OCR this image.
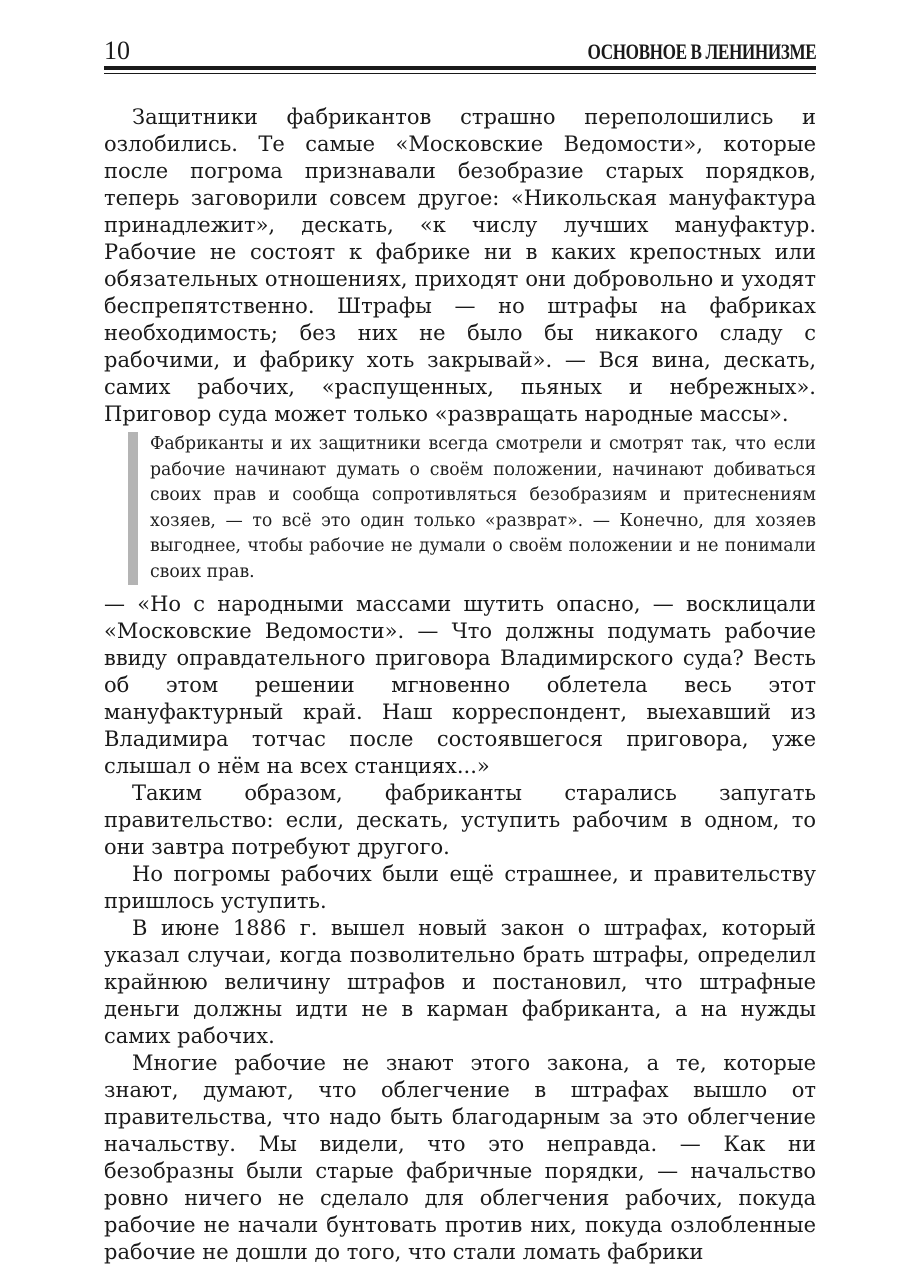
10	ОСНОВНОЕ В ЛЕНИНИЗМЕ

Защитники фабрикантов страшно переполошились и озлобились. Те самые «Московские Ведомости», которые после погрома признавали безобразие старых порядков, теперь заговорили совсем другое: «Никольская мануфактура принадлежит», дескать, «к числу лучших мануфактур. Рабочие не состоят к фабрике ни в каких крепостных или обязательных отношениях, приходят они добровольно и уходят беспрепятственно. Штрафы — но штрафы на фабриках необходимость; без них не было бы никакого сладу с рабочими, и фабрику хоть закрывай». — Вся вина, дескать, самих рабочих, «распущенных, пьяных и небрежных». Приговор суда может только «развращать народные массы».

Фабриканты и их защитники всегда смотрели и смотрят так, что если рабочие начинают думать о своём положении, начинают добиваться своих прав и сообща сопротивляться безобразиям и притеснениям хозяев, — то всё это один только «разврат». — Конечно, для хозяев выгоднее, чтобы рабочие не думали о своём положении и не понимали своих прав.

— «Но с народными массами шутить опасно, — восклицали «Московские Ведомости». — Что должны подумать рабочие ввиду оправдательного приговора Владимирского суда? Весть об этом решении мгновенно облетела весь этот мануфактурный край. Наш корреспондент, выехавший из Владимира тотчас после состоявшегося приговора, уже слышал о нём на всех станциях...»

Таким образом, фабриканты старались запугать правительство: если, дескать, уступить рабочим в одном, то они завтра потребуют другого.

Но погромы рабочих были ещё страшнее, и правительству пришлось уступить.

В июне 1886 г. вышел новый закон о штрафах, который указал случаи, когда позволительно брать штрафы, определил крайнюю величину штрафов и постановил, что штрафные деньги должны идти не в карман фабриканта, а на нужды самих рабочих.

Многие рабочие не знают этого закона, а те, которые знают, думают, что облегчение в штрафах вышло от правительства, что надо быть благодарным за это облегчение начальству. Мы видели, что это неправда. — Как ни безобразны были старые фабричные порядки, — начальство ровно ничего не сделало для облегчения рабочих, покуда рабочие не начали бунтовать против них, покуда озлобленные рабочие не дошли до того, что стали ломать фабрики
